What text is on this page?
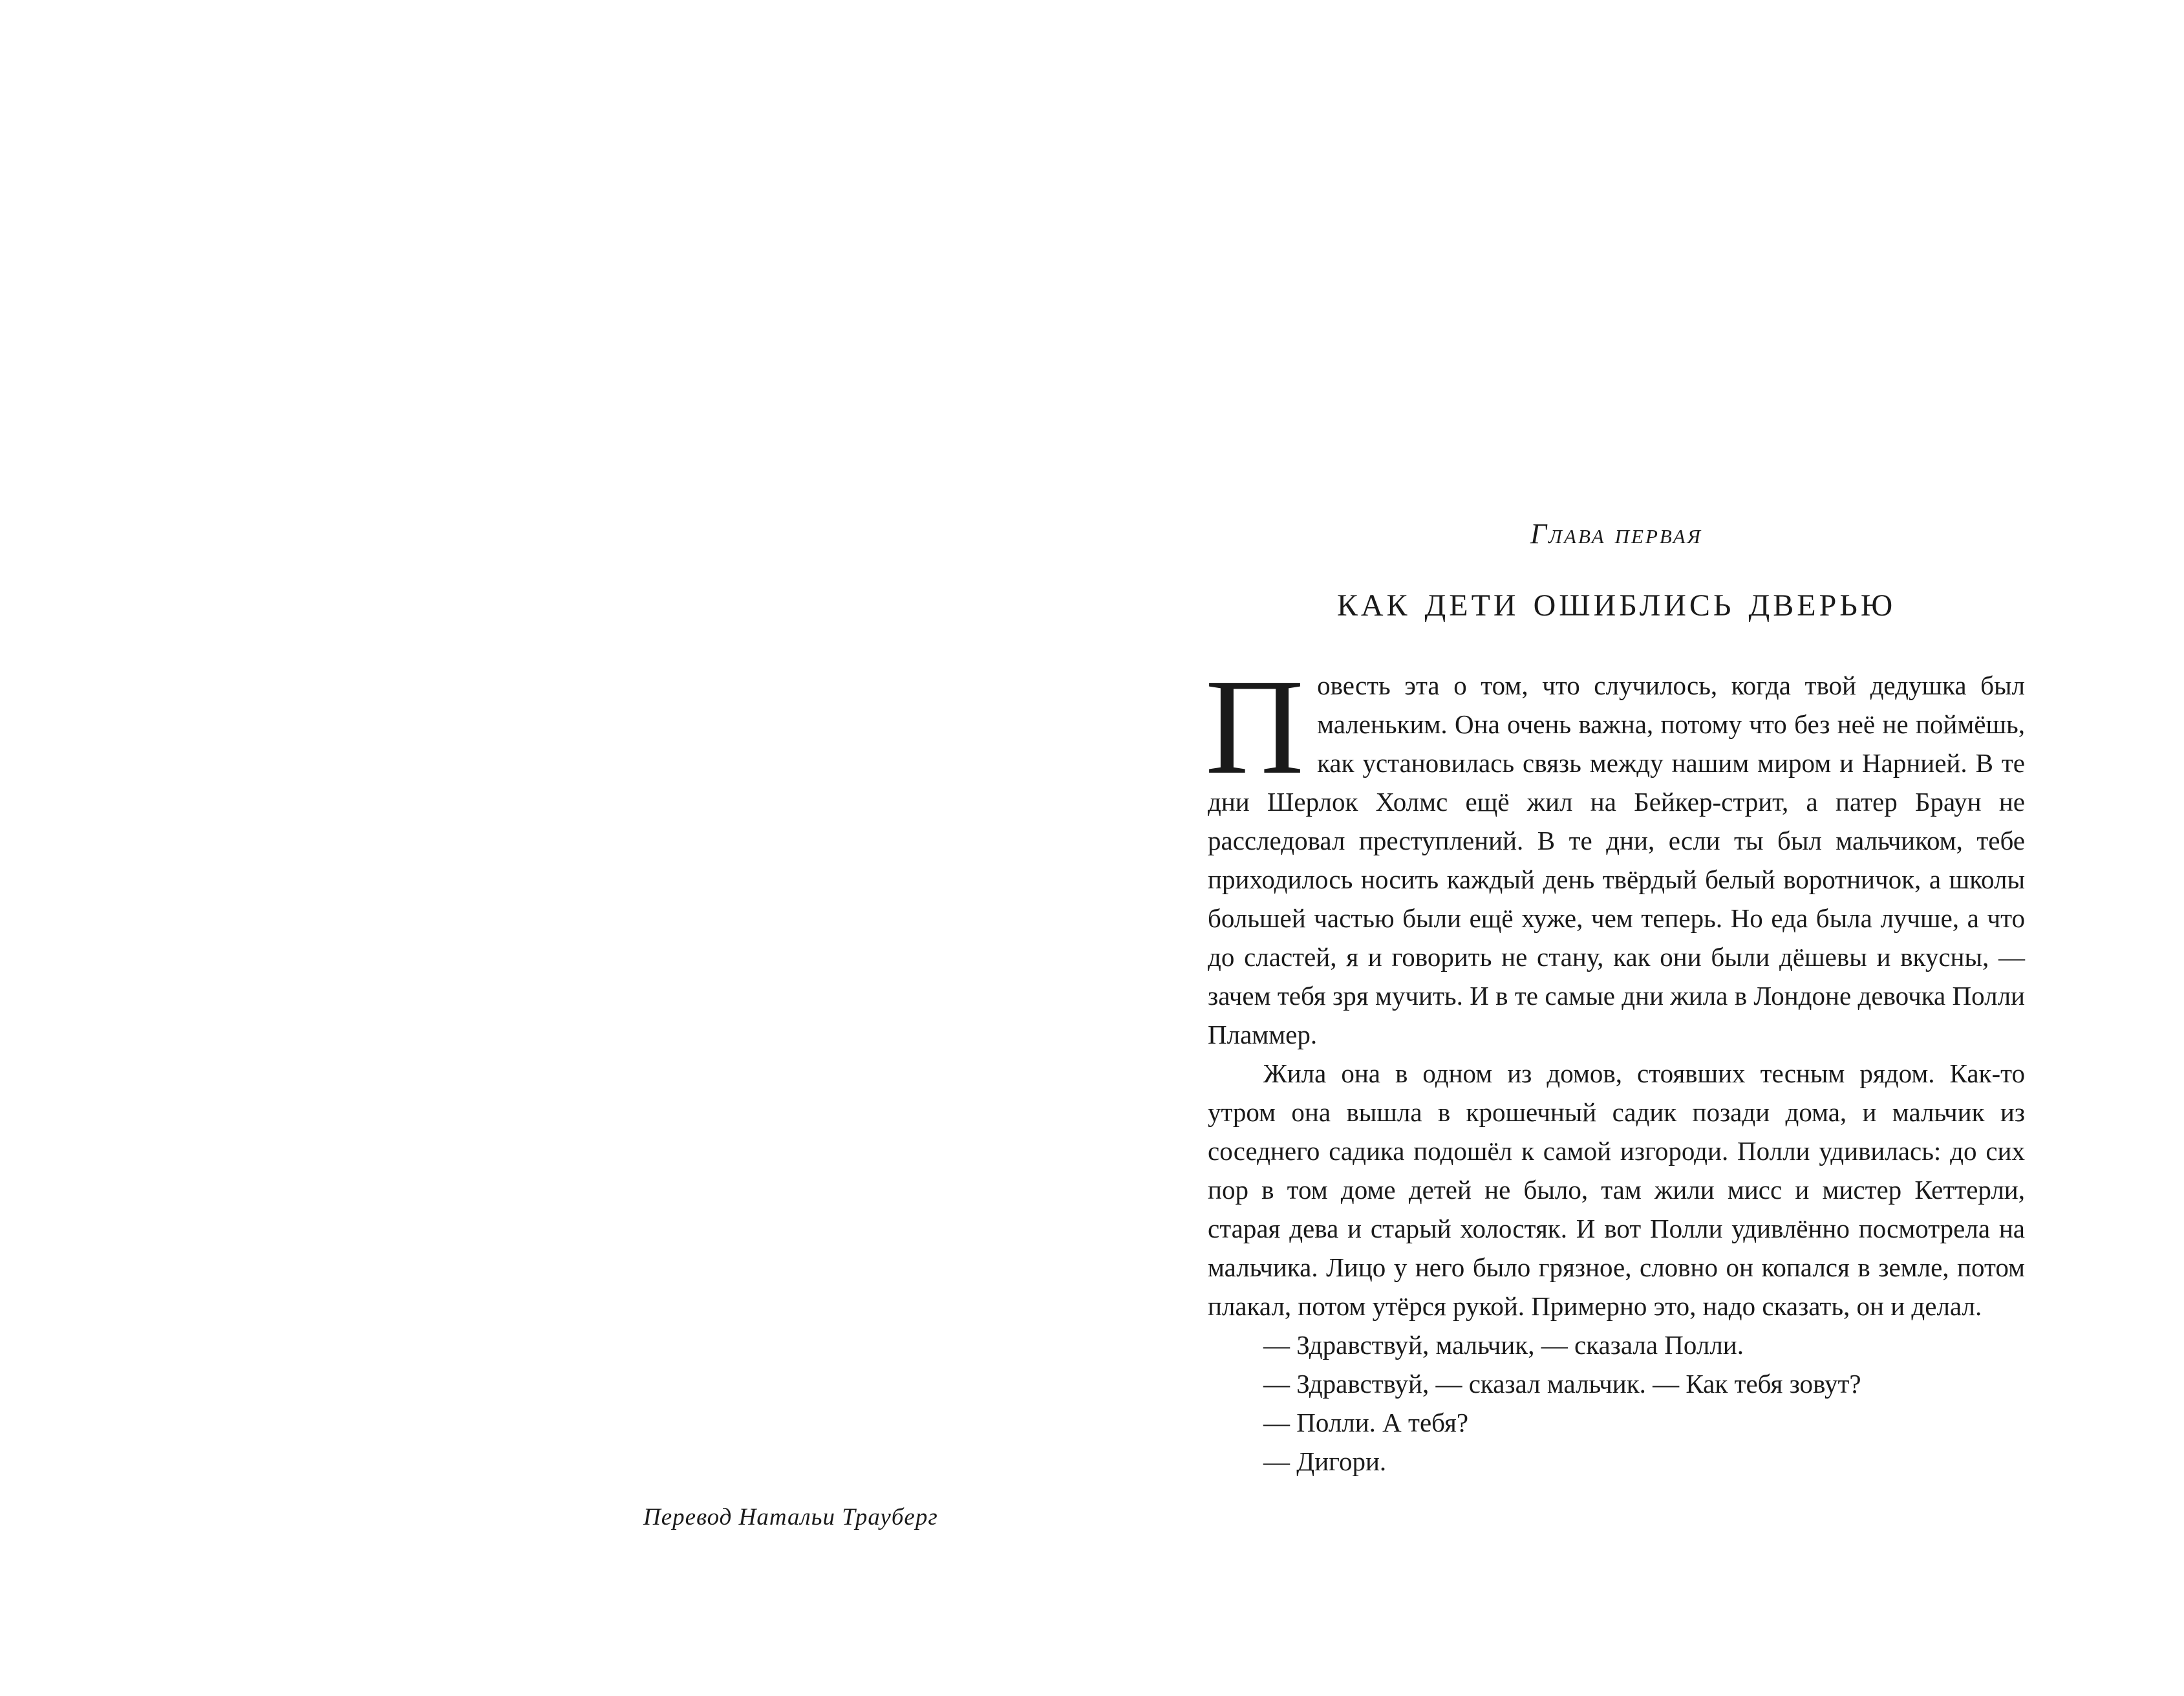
Перевод Натальи Трауберг
Глава первая
как дети ошиблись дверью

Повесть эта о том, что случилось, когда твой дедушка был маленьким. Она очень важна, потому что без неё не поймёшь, как установилась связь между нашим миром и Нарнией. В те дни Шерлок Холмс ещё жил на Бейкер-стрит, а патер Браун не расследовал преступлений. В те дни, если ты был мальчиком, тебе приходилось носить каждый день твёрдый белый воротничок, а школы большей частью были ещё хуже, чем теперь. Но еда была лучше, а что до сластей, я и говорить не стану, как они были дёшевы и вкусны, — зачем тебя зря мучить. И в те самые дни жила в Лондоне девочка Полли Пламмер.

Жила она в одном из домов, стоявших тесным рядом. Как-то утром она вышла в крошечный садик позади дома, и мальчик из соседнего садика подошёл к самой изгороди. Полли удивилась: до сих пор в том доме детей не было, там жили мисс и мистер Кеттерли, старая дева и старый холостяк. И вот Полли удивлённо посмотрела на мальчика. Лицо у него было грязное, словно он копался в земле, потом плакал, потом утёрся рукой. Примерно это, надо сказать, он и делал.

— Здравствуй, мальчик, — сказала Полли.

— Здравствуй, — сказал мальчик. — Как тебя зовут?

— Полли. А тебя?

— Дигори.
